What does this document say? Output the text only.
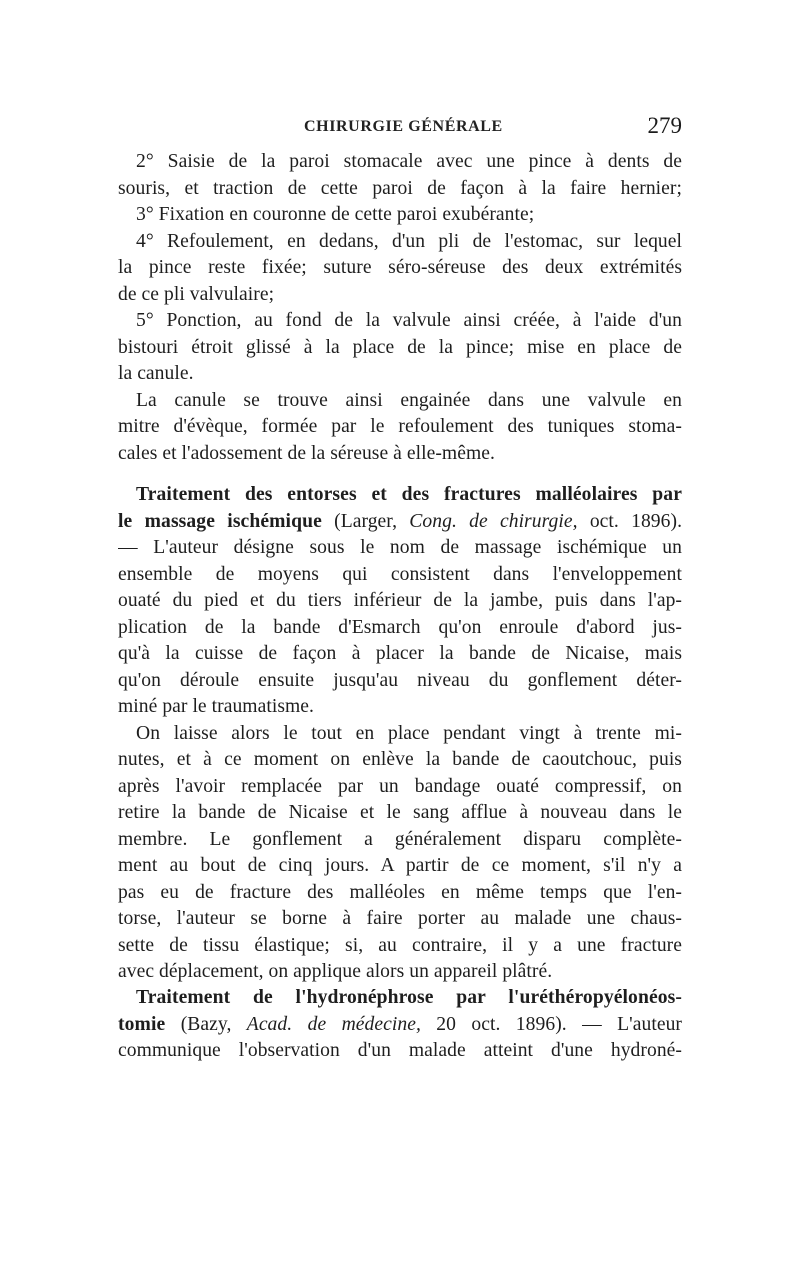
CHIRURGIE GÉNÉRALE	279
2° Saisie de la paroi stomacale avec une pince à dents de
souris, et traction de cette paroi de façon à la faire hernier;
3° Fixation en couronne de cette paroi exubérante;
4° Refoulement, en dedans, d'un pli de l'estomac, sur lequel
la pince reste fixée; suture séro-séreuse des deux extrémités
de ce pli valvulaire;
5° Ponction, au fond de la valvule ainsi créée, à l'aide d'un
bistouri étroit glissé à la place de la pince; mise en place de
la canule.
La canule se trouve ainsi engainée dans une valvule en
mitre d'évèque, formée par le refoulement des tuniques stoma-
cales et l'adossement de la séreuse à elle-même.
Traitement des entorses et des fractures malléolaires par
le massage ischémique (Larger, Cong. de chirurgie, oct. 1896).
— L'auteur désigne sous le nom de massage ischémique un
ensemble de moyens qui consistent dans l'enveloppement
ouaté du pied et du tiers inférieur de la jambe, puis dans l'ap-
plication de la bande d'Esmarch qu'on enroule d'abord jus-
qu'à la cuisse de façon à placer la bande de Nicaise, mais
qu'on déroule ensuite jusqu'au niveau du gonflement déter-
miné par le traumatisme.
On laisse alors le tout en place pendant vingt à trente mi-
nutes, et à ce moment on enlève la bande de caoutchouc, puis
après l'avoir remplacée par un bandage ouaté compressif, on
retire la bande de Nicaise et le sang afflue à nouveau dans le
membre. Le gonflement a généralement disparu complète-
ment au bout de cinq jours. A partir de ce moment, s'il n'y a
pas eu de fracture des malléoles en même temps que l'en-
torse, l'auteur se borne à faire porter au malade une chaus-
sette de tissu élastique; si, au contraire, il y a une fracture
avec déplacement, on applique alors un appareil plâtré.
Traitement de l'hydronéphrose par l'uréthéropyélonéos-
tomie (Bazy, Acad. de médecine, 20 oct. 1896). — L'auteur
communique l'observation d'un malade atteint d'une hydroné-
